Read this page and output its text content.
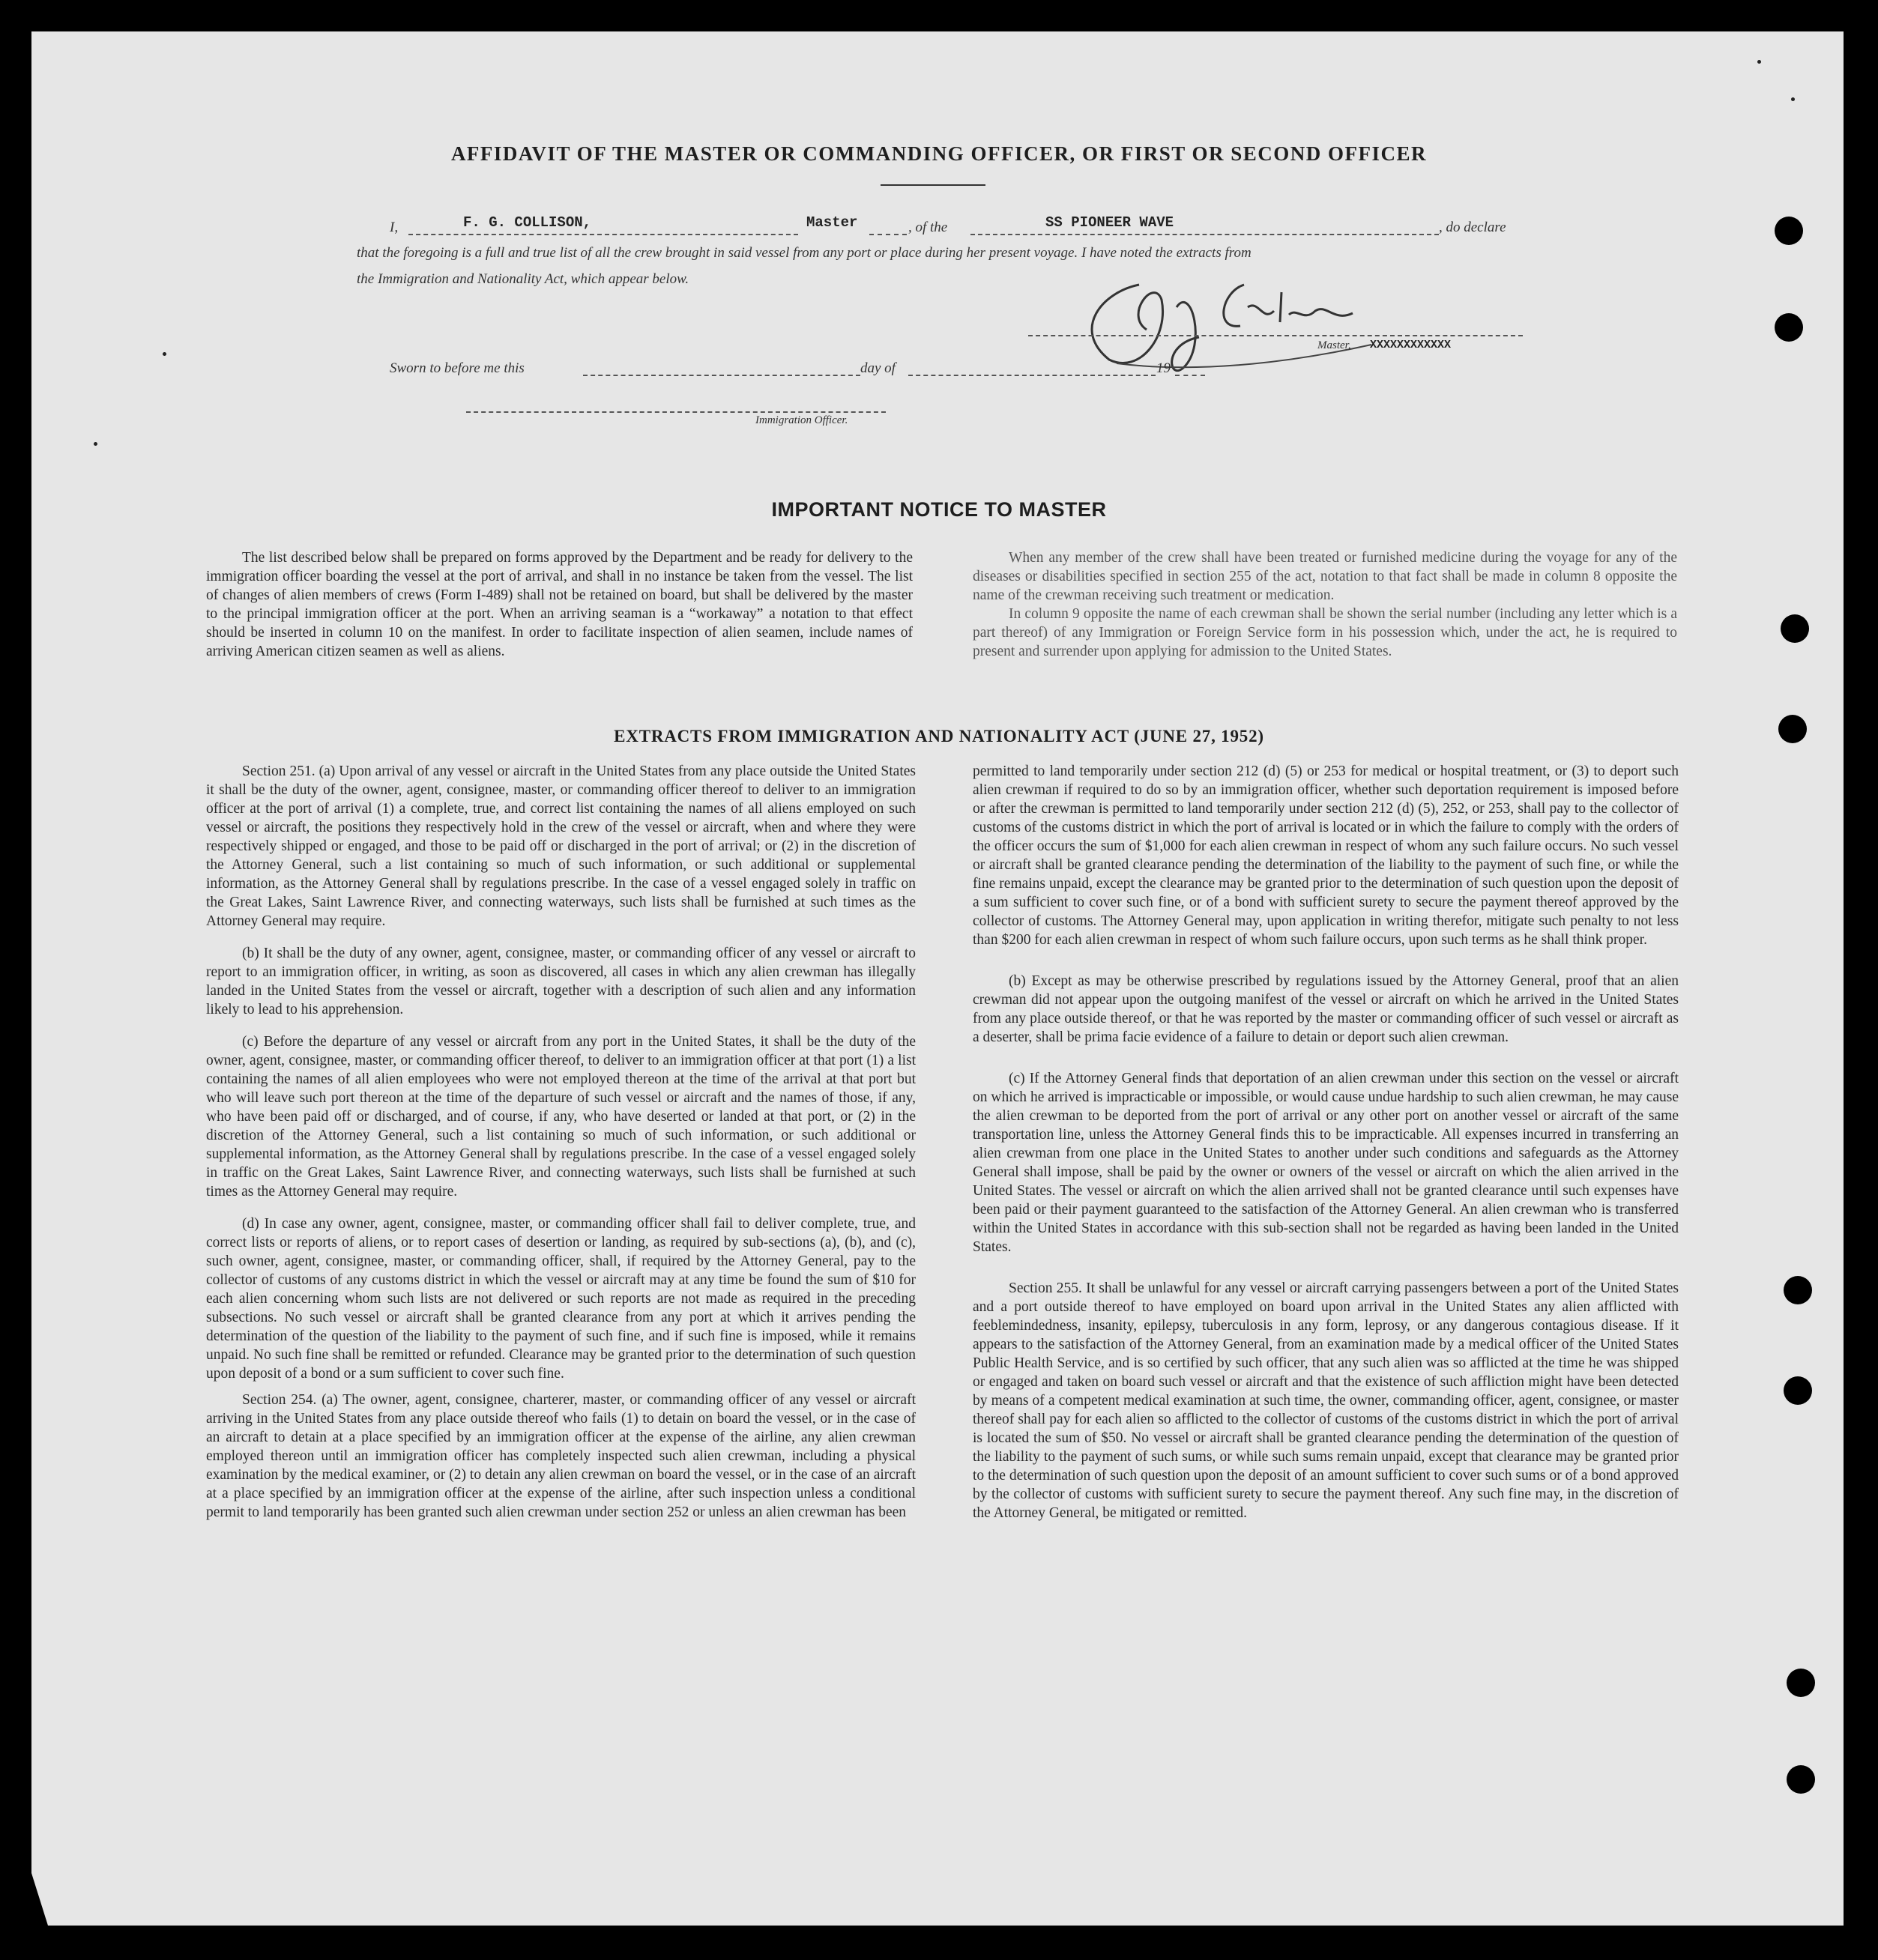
AFFIDAVIT OF THE MASTER OR COMMANDING OFFICER, OR FIRST OR SECOND OFFICER
I,	F. G. COLLISON,	Master	, of the	SS PIONEER WAVE	, do declare
that the foregoing is a full and true list of all the crew brought in said vessel from any port or place during her present voyage. I have noted the extracts from
the Immigration and Nationality Act, which appear below.
Master, XXXXXXXXXXXX
Sworn to before me this	day of	19
Immigration Officer.
IMPORTANT NOTICE TO MASTER

The list described below shall be prepared on forms approved by the Department and be ready for delivery to the immigration officer boarding the vessel at the port of arrival, and shall in no instance be taken from the vessel. The list of changes of alien members of crews (Form I-489) shall not be retained on board, but shall be delivered by the master to the principal immigration officer at the port. When an arriving seaman is a “workaway” a notation to that effect should be inserted in column 10 on the manifest. In order to facilitate inspection of alien seamen, include names of arriving American citizen seamen as well as aliens.

When any member of the crew shall have been treated or furnished medicine during the voyage for any of the diseases or disabilities specified in section 255 of the act, notation to that fact shall be made in column 8 opposite the name of the crewman receiving such treatment or medication.

In column 9 opposite the name of each crewman shall be shown the serial number (including any letter which is a part thereof) of any Immigration or Foreign Service form in his possession which, under the act, he is required to present and surrender upon applying for admission to the United States.

EXTRACTS FROM IMMIGRATION AND NATIONALITY ACT (JUNE 27, 1952)

Section 251. (a) Upon arrival of any vessel or aircraft in the United States from any place outside the United States it shall be the duty of the owner, agent, consignee, master, or commanding officer thereof to deliver to an immigration officer at the port of arrival (1) a complete, true, and correct list containing the names of all aliens employed on such vessel or aircraft, the positions they respectively hold in the crew of the vessel or aircraft, when and where they were respectively shipped or engaged, and those to be paid off or discharged in the port of arrival; or (2) in the discretion of the Attorney General, such a list containing so much of such information, or such additional or supplemental information, as the Attorney General shall by regulations prescribe. In the case of a vessel engaged solely in traffic on the Great Lakes, Saint Lawrence River, and connecting waterways, such lists shall be furnished at such times as the Attorney General may require.

(b) It shall be the duty of any owner, agent, consignee, master, or commanding officer of any vessel or aircraft to report to an immigration officer, in writing, as soon as discovered, all cases in which any alien crewman has illegally landed in the United States from the vessel or aircraft, together with a description of such alien and any information likely to lead to his apprehension.

(c) Before the departure of any vessel or aircraft from any port in the United States, it shall be the duty of the owner, agent, consignee, master, or commanding officer thereof, to deliver to an immigration officer at that port (1) a list containing the names of all alien employees who were not employed thereon at the time of the arrival at that port but who will leave such port thereon at the time of the departure of such vessel or aircraft and the names of those, if any, who have been paid off or discharged, and of course, if any, who have deserted or landed at that port, or (2) in the discretion of the Attorney General, such a list containing so much of such information, or such additional or supplemental information, as the Attorney General shall by regulations prescribe. In the case of a vessel engaged solely in traffic on the Great Lakes, Saint Lawrence River, and connecting waterways, such lists shall be furnished at such times as the Attorney General may require.

(d) In case any owner, agent, consignee, master, or commanding officer shall fail to deliver complete, true, and correct lists or reports of aliens, or to report cases of desertion or landing, as required by sub-sections (a), (b), and (c), such owner, agent, consignee, master, or commanding officer, shall, if required by the Attorney General, pay to the collector of customs of any customs district in which the vessel or aircraft may at any time be found the sum of $10 for each alien concerning whom such lists are not delivered or such reports are not made as required in the preceding subsections. No such vessel or aircraft shall be granted clearance from any port at which it arrives pending the determination of the question of the liability to the payment of such fine, and if such fine is imposed, while it remains unpaid. No such fine shall be remitted or refunded. Clearance may be granted prior to the determination of such question upon deposit of a bond or a sum sufficient to cover such fine.

Section 254. (a) The owner, agent, consignee, charterer, master, or commanding officer of any vessel or aircraft arriving in the United States from any place outside thereof who fails (1) to detain on board the vessel, or in the case of an aircraft to detain at a place specified by an immigration officer at the expense of the airline, any alien crewman employed thereon until an immigration officer has completely inspected such alien crewman, including a physical examination by the medical examiner, or (2) to detain any alien crewman on board the vessel, or in the case of an aircraft at a place specified by an immigration officer at the expense of the airline, after such inspection unless a conditional permit to land temporarily has been granted such alien crewman under section 252 or unless an alien crewman has been

permitted to land temporarily under section 212 (d) (5) or 253 for medical or hospital treatment, or (3) to deport such alien crewman if required to do so by an immigration officer, whether such deportation requirement is imposed before or after the crewman is permitted to land temporarily under section 212 (d) (5), 252, or 253, shall pay to the collector of customs of the customs district in which the port of arrival is located or in which the failure to comply with the orders of the officer occurs the sum of $1,000 for each alien crewman in respect of whom any such failure occurs. No such vessel or aircraft shall be granted clearance pending the determination of the liability to the payment of such fine, or while the fine remains unpaid, except the clearance may be granted prior to the determination of such question upon the deposit of a sum sufficient to cover such fine, or of a bond with sufficient surety to secure the payment thereof approved by the collector of customs. The Attorney General may, upon application in writing therefor, mitigate such penalty to not less than $200 for each alien crewman in respect of whom such failure occurs, upon such terms as he shall think proper.

(b) Except as may be otherwise prescribed by regulations issued by the Attorney General, proof that an alien crewman did not appear upon the outgoing manifest of the vessel or aircraft on which he arrived in the United States from any place outside thereof, or that he was reported by the master or commanding officer of such vessel or aircraft as a deserter, shall be prima facie evidence of a failure to detain or deport such alien crewman.

(c) If the Attorney General finds that deportation of an alien crewman under this section on the vessel or aircraft on which he arrived is impracticable or impossible, or would cause undue hardship to such alien crewman, he may cause the alien crewman to be deported from the port of arrival or any other port on another vessel or aircraft of the same transportation line, unless the Attorney General finds this to be impracticable. All expenses incurred in transferring an alien crewman from one place in the United States to another under such conditions and safeguards as the Attorney General shall impose, shall be paid by the owner or owners of the vessel or aircraft on which the alien arrived in the United States. The vessel or aircraft on which the alien arrived shall not be granted clearance until such expenses have been paid or their payment guaranteed to the satisfaction of the Attorney General. An alien crewman who is transferred within the United States in accordance with this sub-section shall not be regarded as having been landed in the United States.

Section 255. It shall be unlawful for any vessel or aircraft carrying passengers between a port of the United States and a port outside thereof to have employed on board upon arrival in the United States any alien afflicted with feeblemindedness, insanity, epilepsy, tuberculosis in any form, leprosy, or any dangerous contagious disease. If it appears to the satisfaction of the Attorney General, from an examination made by a medical officer of the United States Public Health Service, and is so certified by such officer, that any such alien was so afflicted at the time he was shipped or engaged and taken on board such vessel or aircraft and that the existence of such affliction might have been detected by means of a competent medical examination at such time, the owner, commanding officer, agent, consignee, or master thereof shall pay for each alien so afflicted to the collector of customs of the customs district in which the port of arrival is located the sum of $50. No vessel or aircraft shall be granted clearance pending the determination of the question of the liability to the payment of such sums, or while such sums remain unpaid, except that clearance may be granted prior to the determination of such question upon the deposit of an amount sufficient to cover such sums or of a bond approved by the collector of customs with sufficient surety to secure the payment thereof. Any such fine may, in the discretion of the Attorney General, be mitigated or remitted.
